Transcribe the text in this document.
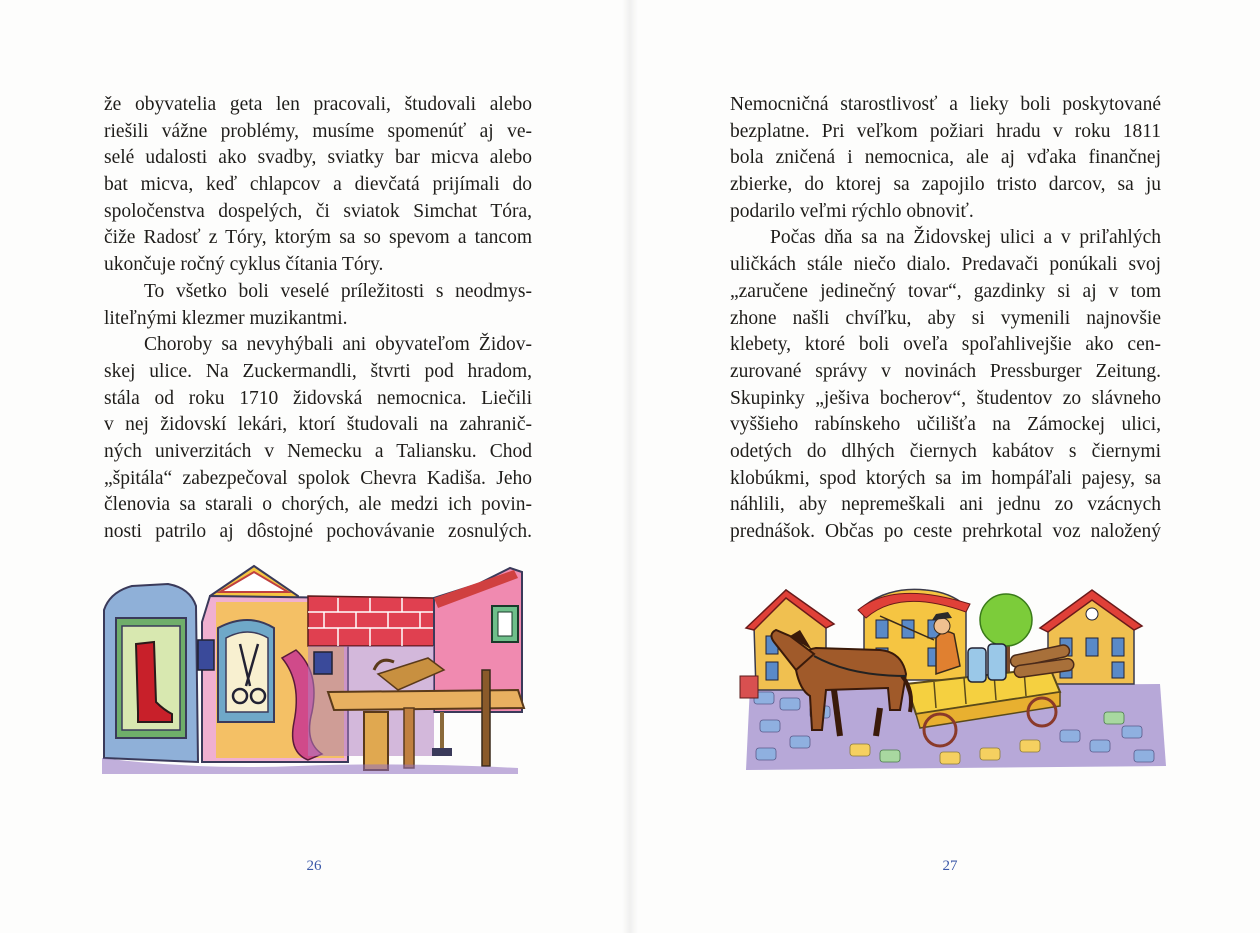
že obyvatelia geta len pracovali, študovali alebo
riešili vážne problémy, musíme spomenúť aj ve-
selé udalosti ako svadby, sviatky bar micva alebo
bat micva, keď chlapcov a dievčatá prijímali do
spoločenstva dospelých, či sviatok Simchat Tóra,
čiže Radosť z Tóry, ktorým sa so spevom a tancom
ukončuje ročný cyklus čítania Tóry.
To všetko boli veselé príležitosti s neodmys-
liteľnými klezmer muzikantmi.
Choroby sa nevyhýbali ani obyvateľom Židov-
skej ulice. Na Zuckermandli, štvrti pod hradom,
stála od roku 1710 židovská nemocnica. Liečili
v nej židovskí lekári, ktorí študovali na zahranič-
ných univerzitách v Nemecku a Taliansku. Chod
„špitála“ zabezpečoval spolok Chevra Kadiša. Jeho
členovia sa starali o chorých, ale medzi ich povin-
nosti patrilo aj dôstojné pochovávanie zosnulých.
26
Nemocničná starostlivosť a lieky boli poskytované
bezplatne. Pri veľkom požiari hradu v roku 1811
bola zničená i nemocnica, ale aj vďaka finančnej
zbierke, do ktorej sa zapojilo tristo darcov, sa ju
podarilo veľmi rýchlo obnoviť.
Počas dňa sa na Židovskej ulici a v priľahlých
uličkách stále niečo dialo. Predavači ponúkali svoj
„zaručene jedinečný tovar“, gazdinky si aj v tom
zhone našli chvíľku, aby si vymenili najnovšie
klebety, ktoré boli oveľa spoľahlivejšie ako cen-
zurované správy v novinách Pressburger Zeitung.
Skupinky „ješiva bocherov“, študentov zo slávneho
vyššieho rabínskeho učilišťa na Zámockej ulici,
odetých do dlhých čiernych kabátov s čiernymi
klobúkmi, spod ktorých sa im hompáľali pajesy, sa
náhlili, aby nepremeškali ani jednu zo vzácnych
prednášok. Občas po ceste prehrkotal voz naložený
27
